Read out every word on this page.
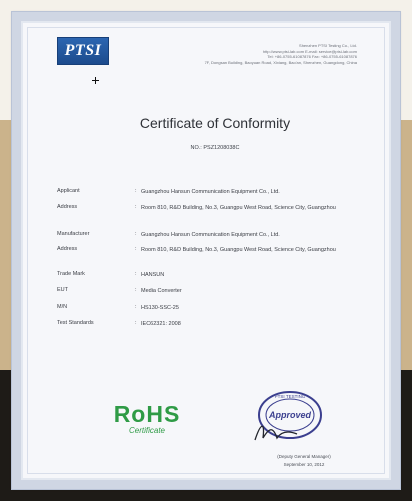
PTSI	Shenzhen PTSI Testing Co., Ltd.
http://www.ptsi-lab.com E-mail: service@ptsi-lab.com
Tel: +86-0755-61087876 Fax: +86-0755-61087876
7F, Dongsan Building, Baoyuan Road, Xixiang, Bao'an, Shenzhen, Guangdong, China
Certificate of Conformity
NO.: PSZ1208038C
Applicant	: Guangzhou Hansun Communication Equipment Co., Ltd.
Address	: Room 810, R&D Building, No.3, Guangpu West Road, Science City, Guangzhou
Manufacturer	: Guangzhou Hansun Communication Equipment Co., Ltd.
Address	: Room 810, R&D Building, No.3, Guangpu West Road, Science City, Guangzhou
Trade Mark	: HANSUN
EUT	: Media Converter
M/N	: HS130-SSC-25
Test Standards	: IEC62321: 2008
RoHS
Certificate
PTSI TESTING
Approved
(Deputy General Manager)
September 10, 2012
